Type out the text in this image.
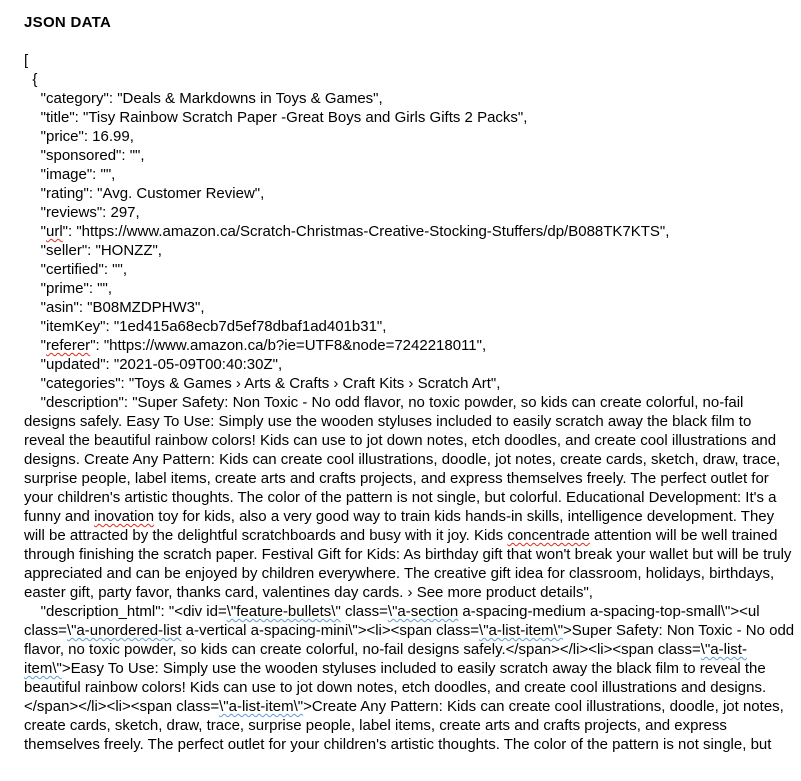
JSON DATA
[
{
"category": "Deals & Markdowns in Toys & Games",
"title": "Tisy Rainbow Scratch Paper -Great Boys and Girls Gifts 2 Packs",
"price": 16.99,
"sponsored": "",
"image": "",
"rating": "Avg. Customer Review",
"reviews": 297,
"url": "https://www.amazon.ca/Scratch-Christmas-Creative-Stocking-Stuffers/dp/B088TK7KTS",
"seller": "HONZZ",
"certified": "",
"prime": "",
"asin": "B08MZDPHW3",
"itemKey": "1ed415a68ecb7d5ef78dbaf1ad401b31",
"referer": "https://www.amazon.ca/b?ie=UTF8&node=7242218011",
"updated": "2021-05-09T00:40:30Z",
"categories": "Toys & Games › Arts & Crafts › Craft Kits › Scratch Art",
"description": "Super Safety: Non Toxic - No odd flavor, no toxic powder, so kids can create colorful, no-fail designs safely. Easy To Use: Simply use the wooden styluses included to easily scratch away the black film to reveal the beautiful rainbow colors! Kids can use to jot down notes, etch doodles, and create cool illustrations and designs. Create Any Pattern: Kids can create cool illustrations, doodle, jot notes, create cards, sketch, draw, trace, surprise people, label items, create arts and crafts projects, and express themselves freely. The perfect outlet for your children's artistic thoughts. The color of the pattern is not single, but colorful. Educational Development: It's a funny and inovation toy for kids, also a very good way to train kids hands-in skills, intelligence development. They will be attracted by the delightful scratchboards and busy with it joy. Kids concentrade attention will be well trained through finishing the scratch paper. Festival Gift for Kids: As birthday gift that won't break your wallet but will be truly appreciated and can be enjoyed by children everywhere. The creative gift idea for classroom, holidays, birthdays, easter gift, party favor, thanks card, valentines day cards. › See more product details",
"description_html": "<div id=\"feature-bullets\" class=\"a-section a-spacing-medium a-spacing-top-small\"><ul class=\"a-unordered-list a-vertical a-spacing-mini\"><li><span class=\"a-list-item\">Super Safety: Non Toxic - No odd flavor, no toxic powder, so kids can create colorful, no-fail designs safely.</span></li><li><span class=\"a-list-item\">Easy To Use: Simply use the wooden styluses included to easily scratch away the black film to reveal the beautiful rainbow colors! Kids can use to jot down notes, etch doodles, and create cool illustrations and designs.</span></li><li><span class=\"a-list-item\">Create Any Pattern: Kids can create cool illustrations, doodle, jot notes, create cards, sketch, draw, trace, surprise people, label items, create arts and crafts projects, and express themselves freely. The perfect outlet for your children's artistic thoughts. The color of the pattern is not single, but
